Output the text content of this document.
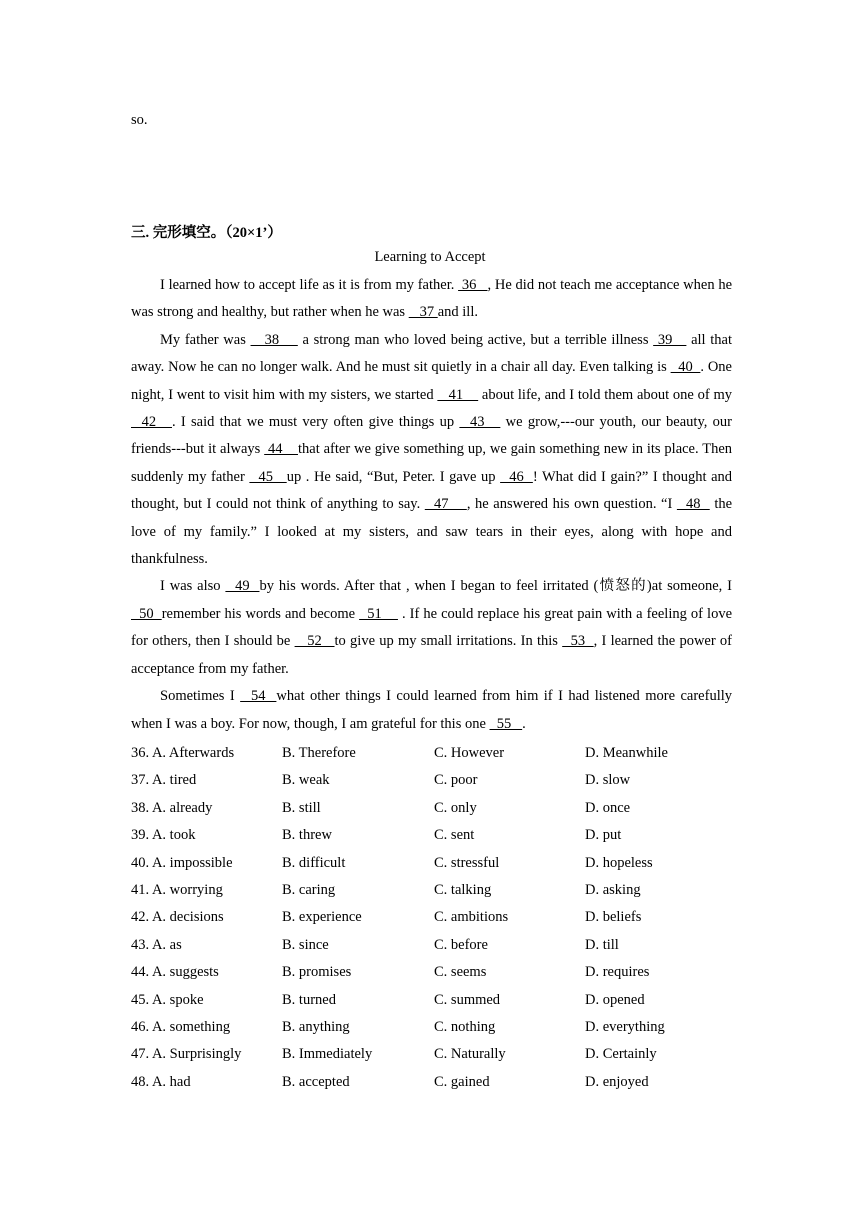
so.
三. 完形填空。（20×1’）
Learning to Accept

I learned how to accept life as it is from my father.  36   , He did not teach me acceptance when he was strong and healthy, but rather when he was    37 and ill.

My father was    38     a strong man who loved being active, but a terrible illness  39    all that away. Now he can no longer walk. And he must sit quietly in a chair all day. Even talking is   40  . One night, I went to visit him with my sisters, we started    41     about life, and I told them about one of my   42   . I said that we must very often give things up   43    we grow,---our youth, our beauty, our friends---but it always  44    that after we give something up, we gain something new in its place. Then suddenly my father   45   up . He said, “But, Peter. I gave up   46  ! What did I gain?” I thought and thought, but I could not think of anything to say.   47    , he answered his own question. “I   48   the love of my family.” I looked at my sisters, and saw tears in their eyes, along with hope and thankfulness.

I was also   49  by his words. After that , when I began to feel irritated (愤怒的)at someone, I   50  remember his words and become   51     . If he could replace his great pain with a feeling of love for others, then I should be    52   to give up my small irritations. In this   53  , I learned the power of acceptance from my father.

Sometimes I   54  what other things I could learned from him if I had listened more carefully when I was a boy. For now, though, I am grateful for this one   55   .

36. A. Afterwards	B. Therefore	C. However	D. Meanwhile
37. A. tired	B. weak	C. poor	D. slow
38. A. already	B. still	C. only	D. once
39. A. took	B. threw	C. sent	D. put
40. A. impossible	B. difficult	C. stressful	D. hopeless
41. A. worrying	B. caring	C. talking	D. asking
42. A. decisions	B. experience	C. ambitions	D. beliefs
43. A. as	B. since	C. before	D. till
44. A. suggests	B. promises	C. seems	D. requires
45. A. spoke	B. turned	C. summed	D. opened
46. A. something	B. anything	C. nothing	D. everything
47. A. Surprisingly	B. Immediately	C. Naturally	D. Certainly
48. A. had	B. accepted	C. gained	D. enjoyed
